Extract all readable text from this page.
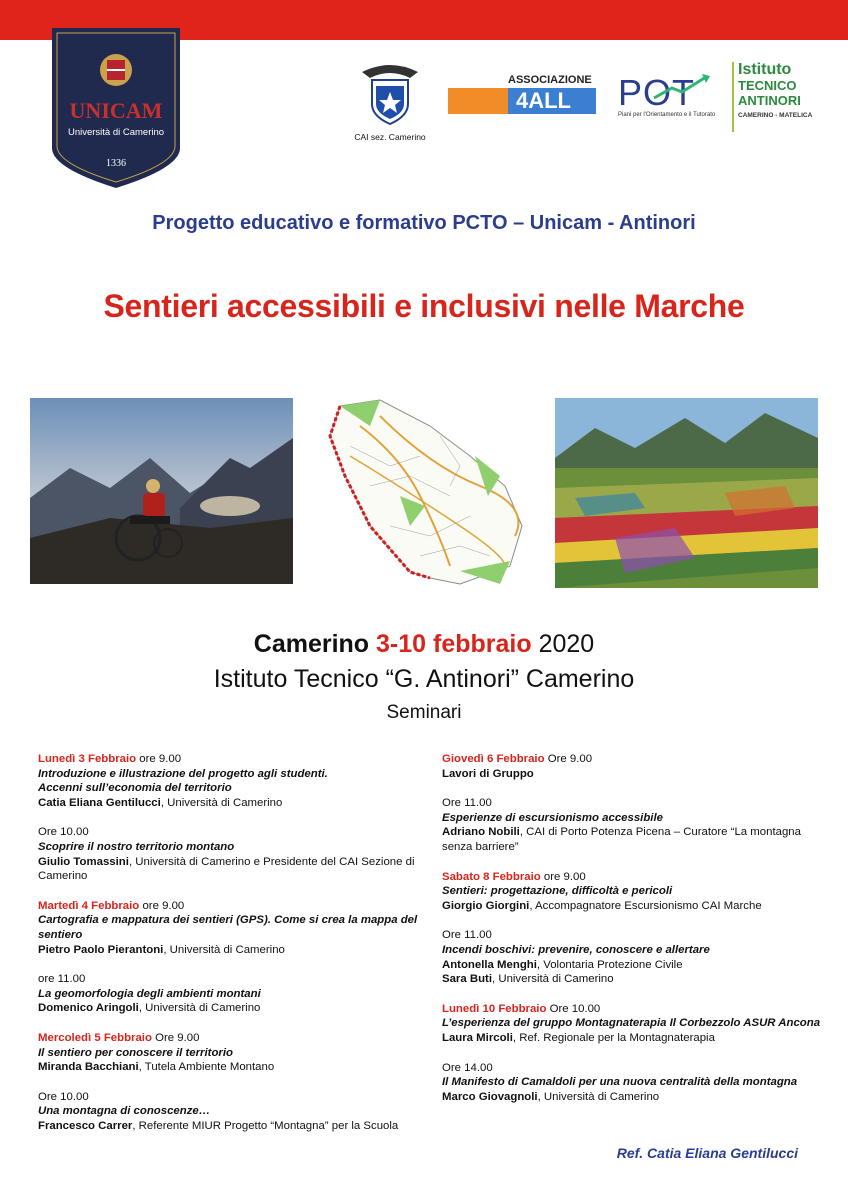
UNICAM
Università di Camerino
1336
CAI sez. Camerino
ASSOCIAZIONE
G 4ALL POT
Piani per l'Orientamento e il Tutorato
Istituto
TECNICO
ANTINORI
CAMERINO - MATELICA
Progetto educativo e formativo PCTO – Unicam - Antinori
Sentieri accessibili e inclusivi nelle Marche
Camerino 3-10 febbraio 2020
Istituto Tecnico “G. Antinori” Camerino
Seminari
Lunedì 3 Febbraio ore 9.00
Introduzione e illustrazione del progetto agli studenti.
Accenni sull’economia del territorio
Catia Eliana Gentilucci, Università di Camerino
Ore 10.00
Scoprire il nostro territorio montano
Giulio Tomassini, Università di Camerino e Presidente del CAI Sezione di Camerino
Martedì 4 Febbraio ore 9.00
Cartografia e mappatura dei sentieri (GPS). Come si crea la mappa del sentiero
Pietro Paolo Pierantoni, Università di Camerino
ore 11.00
La geomorfologia degli ambienti montani
Domenico Aringoli, Università di Camerino
Mercoledì 5 Febbraio Ore 9.00
Il sentiero per conoscere il territorio
Miranda Bacchiani, Tutela Ambiente Montano
Ore 10.00
Una montagna di conoscenze…
Francesco Carrer, Referente MIUR Progetto “Montagna” per la Scuola
Giovedì 6 Febbraio Ore 9.00
Lavori di Gruppo
Ore 11.00
Esperienze di escursionismo accessibile
Adriano Nobili, CAI di Porto Potenza Picena – Curatore “La montagna senza barriere”
Sabato 8 Febbraio ore 9.00
Sentieri: progettazione, difficoltà e pericoli
Giorgio Giorgini, Accompagnatore Escursionismo CAI Marche
Ore 11.00
Incendi boschivi: prevenire, conoscere e allertare
Antonella Menghi, Volontaria Protezione Civile
Sara Buti, Università di Camerino
Lunedì 10 Febbraio Ore 10.00
L’esperienza del gruppo Montagnaterapia Il Corbezzolo ASUR Ancona
Laura Mircoli, Ref. Regionale per la Montagnaterapia
Ore 14.00
Il Manifesto di Camaldoli per una nuova centralità della montagna
Marco Giovagnoli, Università di Camerino
Ref. Catia Eliana Gentilucci
